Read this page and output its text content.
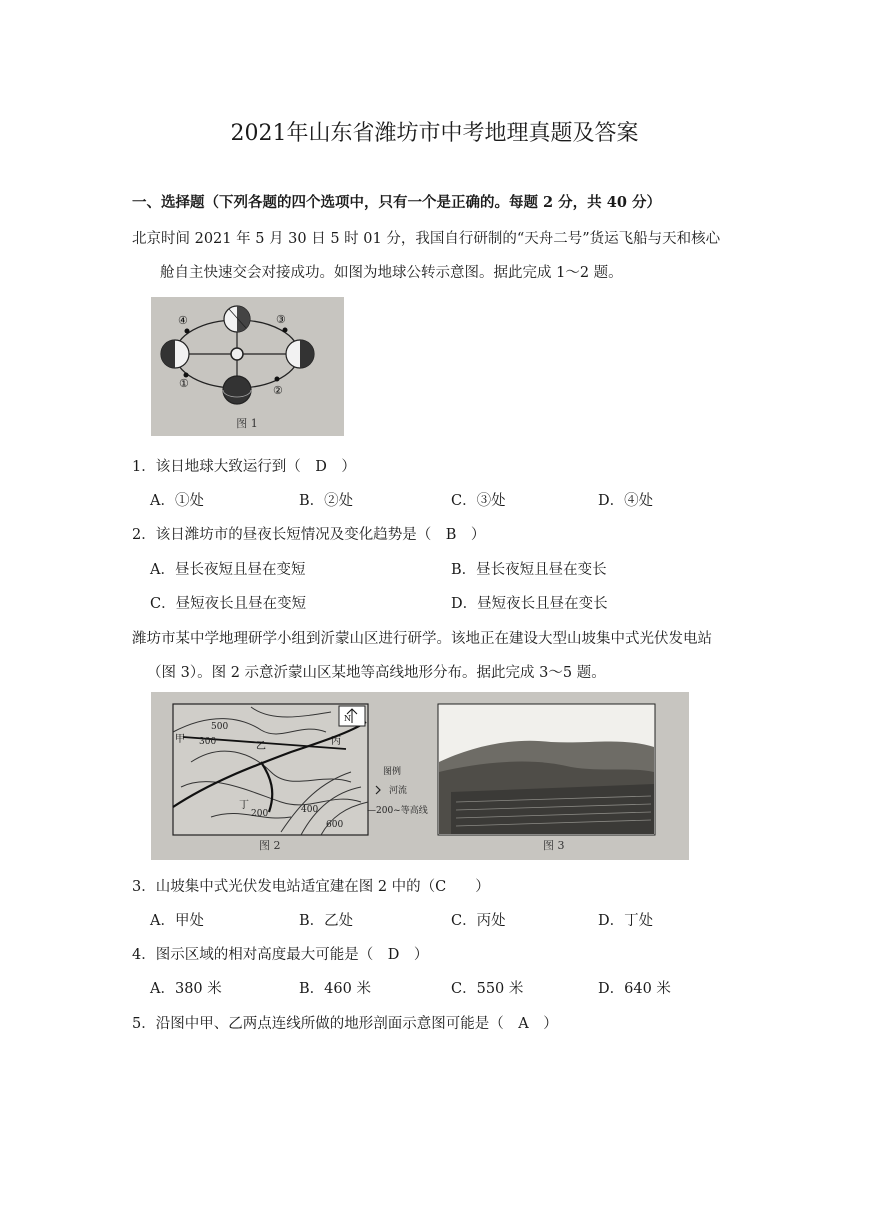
2021年山东省潍坊市中考地理真题及答案
一、选择题（下列各题的四个选项中，只有一个是正确的。每题 2 分，共 40 分）
北京时间 2021 年 5 月 30 日 5 时 01 分，我国自行研制的“天舟二号”货运飞船与天和核心
舱自主快速交会对接成功。如图为地球公转示意图。据此完成 1～2 题。
①
②
③
④
图 1
1．该日地球大致运行到（　D　）
A．①处	B．②处	C．③处	D．④处
2．该日潍坊市的昼夜长短情况及变化趋势是（　B　）
A．昼长夜短且昼在变短	B．昼长夜短且昼在变长
C．昼短夜长且昼在变短	D．昼短夜长且昼在变长
潍坊市某中学地理研学小组到沂蒙山区进行研学。该地正在建设大型山坡集中式光伏发电站
（图 3）。图 2 示意沂蒙山区某地等高线地形分布。据此完成 3～5 题。
N
500
300
200	400
600
甲
乙	丙
丁
图例
河流
—200~等高线
图 2	图 3
3．山坡集中式光伏发电站适宜建在图 2 中的（C　　）
A．甲处	B．乙处	C．丙处	D．丁处
4．图示区域的相对高度最大可能是（　D　）
A．380 米	B．460 米	C．550 米	D．640 米
5．沿图中甲、乙两点连线所做的地形剖面示意图可能是（　A　）
